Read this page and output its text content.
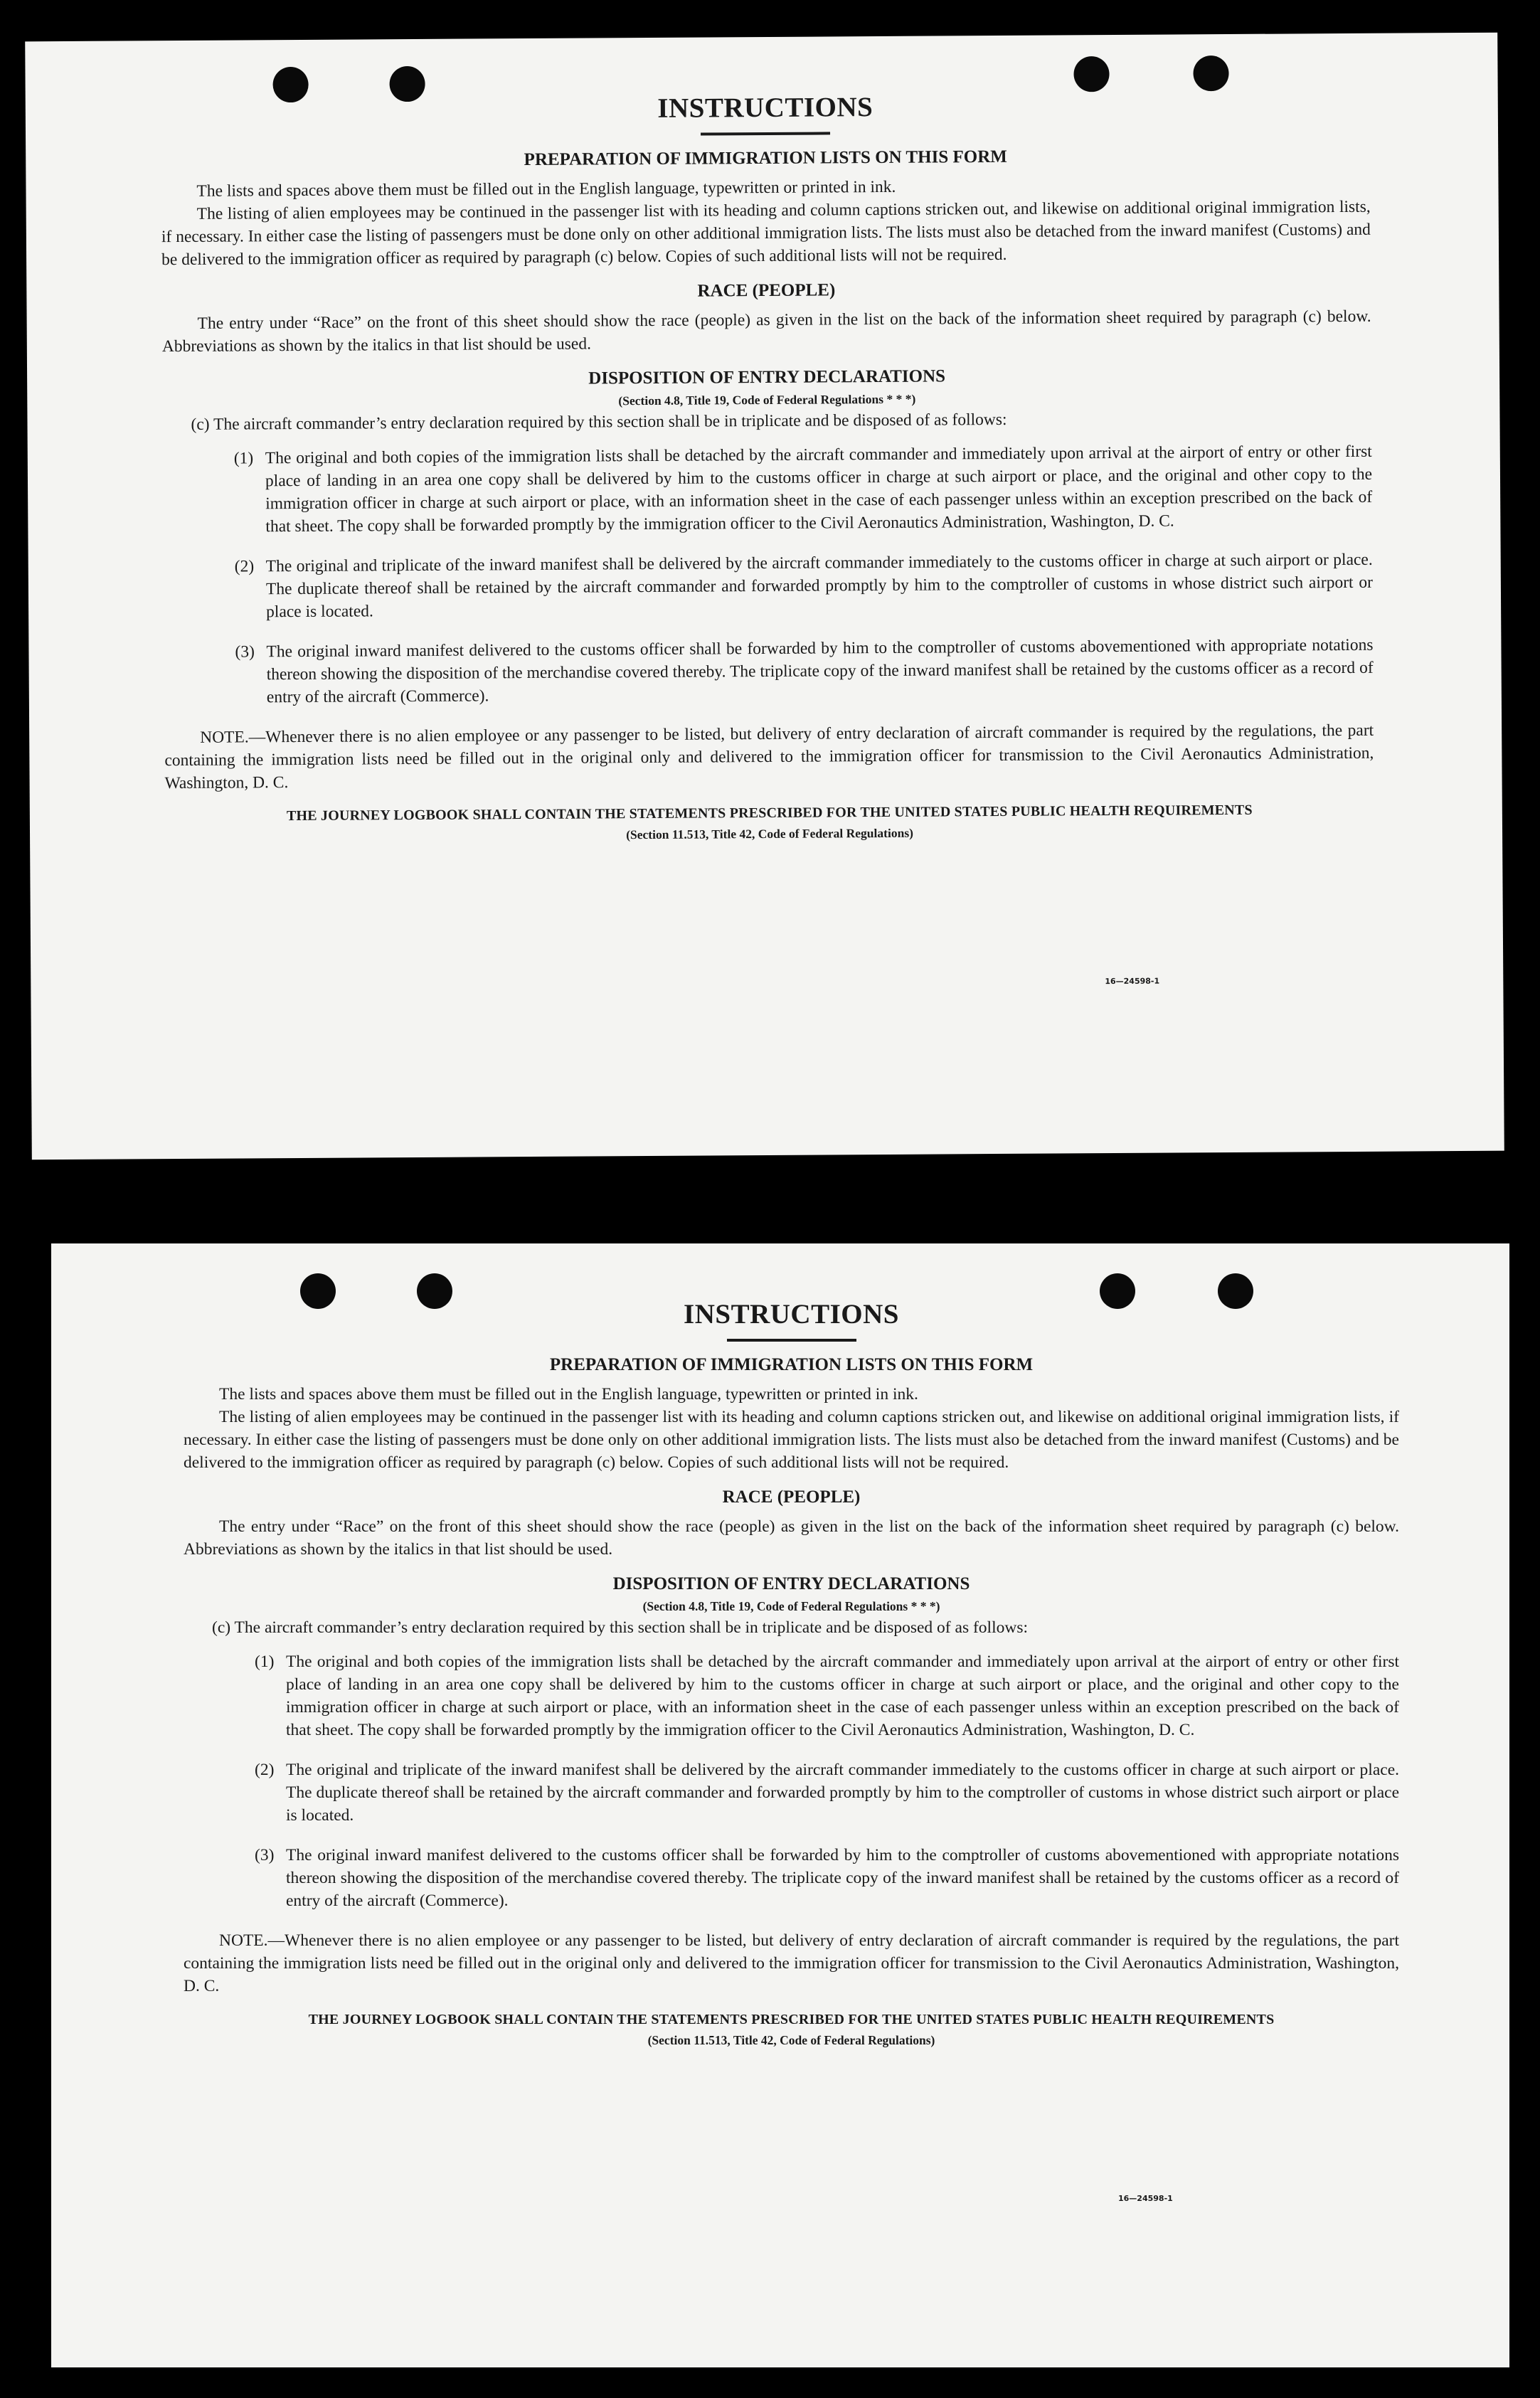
INSTRUCTIONS

PREPARATION OF IMMIGRATION LISTS ON THIS FORM

The lists and spaces above them must be filled out in the English language, typewritten or printed in ink.

The listing of alien employees may be continued in the passenger list with its heading and column captions stricken out, and likewise on additional original immigration lists, if necessary. In either case the listing of passengers must be done only on other additional immigration lists. The lists must also be detached from the inward manifest (Customs) and be delivered to the immigration officer as required by paragraph (c) below. Copies of such additional lists will not be required.

RACE (PEOPLE)

The entry under “Race” on the front of this sheet should show the race (people) as given in the list on the back of the information sheet required by paragraph (c) below. Abbreviations as shown by the italics in that list should be used.

DISPOSITION OF ENTRY DECLARATIONS

(Section 4.8, Title 19, Code of Federal Regulations * * *)

(c) The aircraft commander’s entry declaration required by this section shall be in triplicate and be disposed of as follows:

(1) The original and both copies of the immigration lists shall be detached by the aircraft commander and immediately upon arrival at the airport of entry or other first place of landing in an area one copy shall be delivered by him to the customs officer in charge at such airport or place, and the original and other copy to the immigration officer in charge at such airport or place, with an information sheet in the case of each passenger unless within an exception prescribed on the back of that sheet. The copy shall be forwarded promptly by the immigration officer to the Civil Aeronautics Administration, Washington, D. C.
(2) The original and triplicate of the inward manifest shall be delivered by the aircraft commander immediately to the customs officer in charge at such airport or place. The duplicate thereof shall be retained by the aircraft commander and forwarded promptly by him to the comptroller of customs in whose district such airport or place is located.
(3) The original inward manifest delivered to the customs officer shall be forwarded by him to the comptroller of customs abovementioned with appropriate notations thereon showing the disposition of the merchandise covered thereby. The triplicate copy of the inward manifest shall be retained by the customs officer as a record of entry of the aircraft (Commerce).

NOTE.—Whenever there is no alien employee or any passenger to be listed, but delivery of entry declaration of aircraft commander is required by the regulations, the part containing the immigration lists need be filled out in the original only and delivered to the immigration officer for transmission to the Civil Aeronautics Administration, Washington, D. C.

THE JOURNEY LOGBOOK SHALL CONTAIN THE STATEMENTS PRESCRIBED FOR THE UNITED STATES PUBLIC HEALTH REQUIREMENTS

(Section 11.513, Title 42, Code of Federal Regulations)

16—24598-1

INSTRUCTIONS

PREPARATION OF IMMIGRATION LISTS ON THIS FORM

The lists and spaces above them must be filled out in the English language, typewritten or printed in ink.

The listing of alien employees may be continued in the passenger list with its heading and column captions stricken out, and likewise on additional original immigration lists, if necessary. In either case the listing of passengers must be done only on other additional immigration lists. The lists must also be detached from the inward manifest (Customs) and be delivered to the immigration officer as required by paragraph (c) below. Copies of such additional lists will not be required.

RACE (PEOPLE)

The entry under “Race” on the front of this sheet should show the race (people) as given in the list on the back of the information sheet required by paragraph (c) below. Abbreviations as shown by the italics in that list should be used.

DISPOSITION OF ENTRY DECLARATIONS

(Section 4.8, Title 19, Code of Federal Regulations * * *)

(c) The aircraft commander’s entry declaration required by this section shall be in triplicate and be disposed of as follows:

(1) The original and both copies of the immigration lists shall be detached by the aircraft commander and immediately upon arrival at the airport of entry or other first place of landing in an area one copy shall be delivered by him to the customs officer in charge at such airport or place, and the original and other copy to the immigration officer in charge at such airport or place, with an information sheet in the case of each passenger unless within an exception prescribed on the back of that sheet. The copy shall be forwarded promptly by the immigration officer to the Civil Aeronautics Administration, Washington, D. C.
(2) The original and triplicate of the inward manifest shall be delivered by the aircraft commander immediately to the customs officer in charge at such airport or place. The duplicate thereof shall be retained by the aircraft commander and forwarded promptly by him to the comptroller of customs in whose district such airport or place is located.
(3) The original inward manifest delivered to the customs officer shall be forwarded by him to the comptroller of customs abovementioned with appropriate notations thereon showing the disposition of the merchandise covered thereby. The triplicate copy of the inward manifest shall be retained by the customs officer as a record of entry of the aircraft (Commerce).

NOTE.—Whenever there is no alien employee or any passenger to be listed, but delivery of entry declaration of aircraft commander is required by the regulations, the part containing the immigration lists need be filled out in the original only and delivered to the immigration officer for transmission to the Civil Aeronautics Administration, Washington, D. C.

THE JOURNEY LOGBOOK SHALL CONTAIN THE STATEMENTS PRESCRIBED FOR THE UNITED STATES PUBLIC HEALTH REQUIREMENTS

(Section 11.513, Title 42, Code of Federal Regulations)

16—24598-1
